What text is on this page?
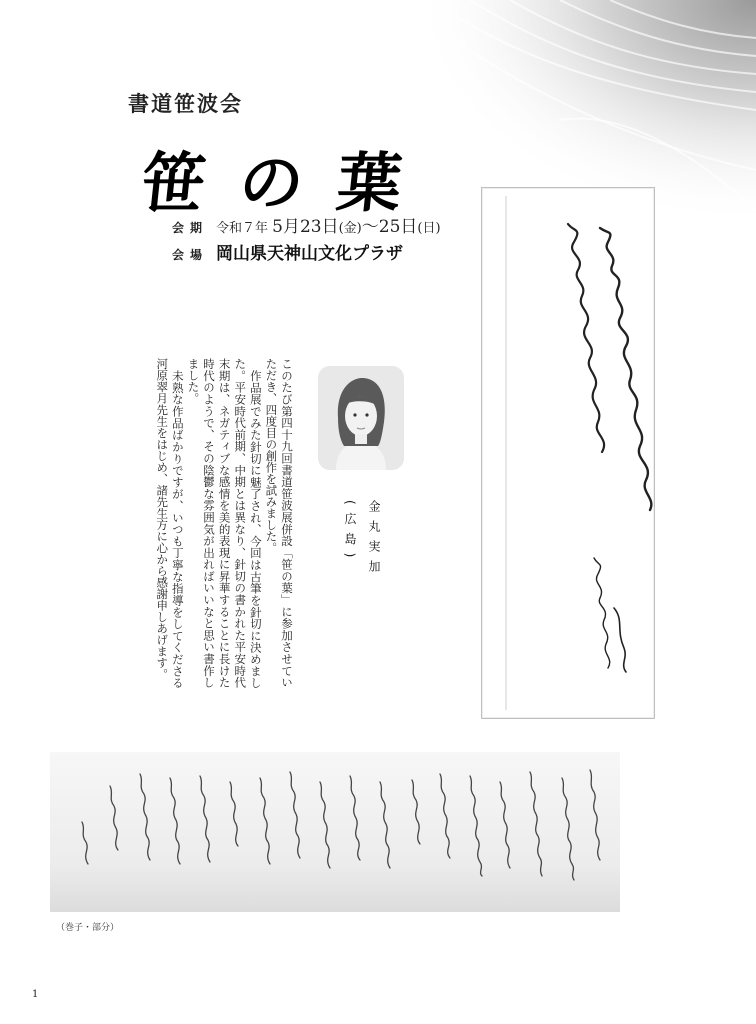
書道笹波会
笹の葉
会期 令和７年 5月23日(金)～25日(日)
会場 岡山県天神山文化プラザ
金丸実加
(広島)

このたび第四十九回書道笹波展併設「笹の葉」に参加させていただき、四度目の創作を試みました。

作品展でみた針切に魅了され、今回は古筆を針切に決めました。平安時代前期、中期とは異なり、針切の書かれた平安時代末期は、ネガティブな感情を美的表現に昇華することに長けた時代のようで、その陰鬱な雰囲気が出ればいいなと思い書作しました。

未熟な作品ばかりですが、いつも丁寧な指導をしてくださる河原翠月先生をはじめ、諸先生方に心から感謝申しあげます。

（巻子・部分）
1
